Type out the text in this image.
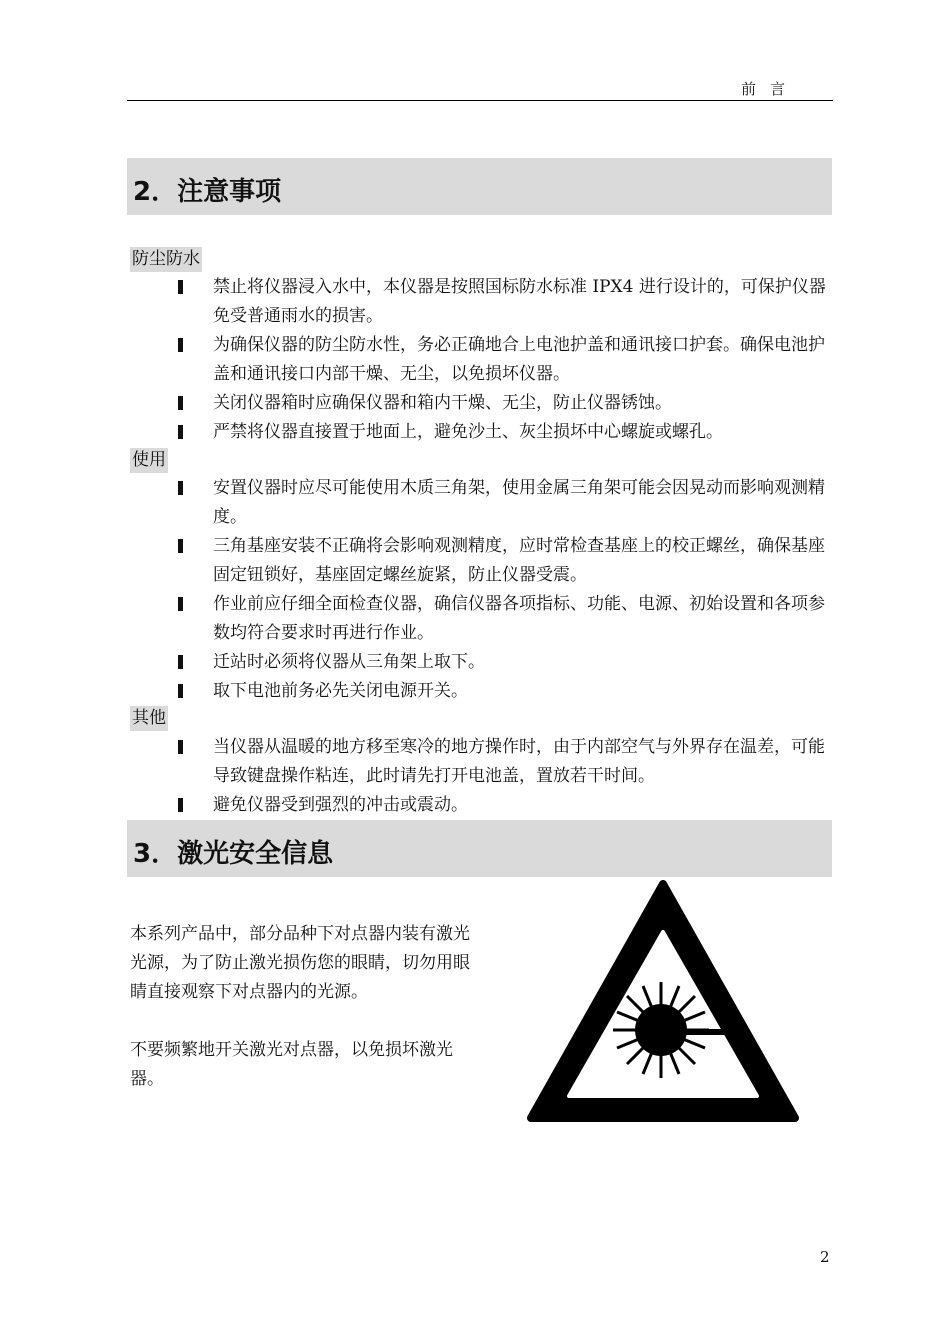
前言
2．注意事项
防尘防水
禁止将仪器浸入水中，本仪器是按照国标防水标准 IPX4 进行设计的，可保护仪器免受普通雨水的损害。
为确保仪器的防尘防水性，务必正确地合上电池护盖和通讯接口护套。确保电池护盖和通讯接口内部干燥、无尘，以免损坏仪器。
关闭仪器箱时应确保仪器和箱内干燥、无尘，防止仪器锈蚀。
严禁将仪器直接置于地面上，避免沙土、灰尘损坏中心螺旋或螺孔。
使用
安置仪器时应尽可能使用木质三角架，使用金属三角架可能会因晃动而影响观测精度。
三角基座安装不正确将会影响观测精度，应时常检查基座上的校正螺丝，确保基座固定钮锁好，基座固定螺丝旋紧，防止仪器受震。
作业前应仔细全面检查仪器，确信仪器各项指标、功能、电源、初始设置和各项参数均符合要求时再进行作业。
迁站时必须将仪器从三角架上取下。
取下电池前务必先关闭电源开关。
其他
当仪器从温暖的地方移至寒冷的地方操作时，由于内部空气与外界存在温差，可能导致键盘操作粘连，此时请先打开电池盖，置放若干时间。
避免仪器受到强烈的冲击或震动。
3．激光安全信息
本系列产品中，部分品种下对点器内装有激光光源，为了防止激光损伤您的眼睛，切勿用眼睛直接观察下对点器内的光源。
不要频繁地开关激光对点器，以免损坏激光器。
2
